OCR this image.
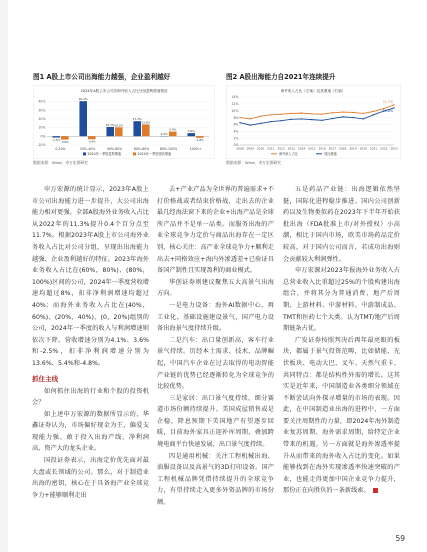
图1 A股上市公司出海能力越强，企业盈利越好
2024年A股上市公司各海外收入占比分组盈利增速情况
-10%
0%
10%
20%
30%
40%
-1.5%
-3.8%
0-20%
40.2%
-3.4%
20%-40%
10.7% 10.3%
40%-60%
17.3%
13.6%
60%-80%
0.2%
5.4%
80%-100%
3.6%
-1.8%
100%+
2024年一季度盈利增速	2024年一季度营收增速
数据来源：Wind，申万宏源研究
图2 A股出海能力自2021年连续提升
海外收入占比（左轴）及其增速（右轴）
0%
2%
4%
6%
8%
10%
12%
14%
2008 2009 2010 2011 2012 2013 2014 2015 2016 2017 2018 2019 2020 2021 2022 2023
11.7%
海外收入占比
10.8%
同比增速
数据来源：Wind，申万宏源研究

申万宏源的统计显示，2023年A股上市公司出海能力进一步提升，大公司出海能力相对更强。全部A股海外业务收入占比从2022年的11.3%提升0.4个百分点至11.7%。根据2023年A股上市公司海外业务收入占比对公司分组，呈现出出海能力越强、企业盈利越好的特征。2023年海外业务收入占比在(60%，80%)、(80%，100%)区间的公司，2024年一季度营收增速均超过8%，扣非净利润增速均超过40%；而海外业务收入占比在(40%，60%)、(20%，40%)、(0，20%)组别的公司，2024年一季度的收入与利润增速则依次下降。营收增速分别为4.1%、3.6%和-2.5%，扣非净利润增速分别为13.6%、5.4%和-4.8%。

抓住主线

如何抓住出海的行业和个股的投资机会？

如上述申万宏源的数据所显示的，华鑫证券认为，市场偏好现金为王，偏爱支现能力强、敢于投入出海产线、净利润高、资产大的龙头企业。

国投证券表示，出海定价优先面对最大盘或长领域的公司。那么，对于制造业出海的密钥，核心在于具备海产业全球竞争力+能够顺利走出

去+产业产品为全世界的普遍需求+不打价格战或者结束价格战，走出去的企业最几经海法窗下来的企业+出海产品是全球所产品并不是单一品类。而服务出海的产业全球竞争力定价与商品出海存在一定区别，核心关注：高产业全球竞争力+顺利走出去+同格效应+海内外渗透差+已验证具备国产制性且实现盈利的商业模式。

华创证券则建议聚焦五大高景气出海方向。

一是电力设备：海外AI数据中心、再工业化、基础设施建设景气，国产电力设备出海景气度持续升级。

二是汽车：出口量创新高，客车行业景气持续。历经本土需求、技术、品牌崛起，中国汽车企业在过去取得的电动智能产业链的优势已经逐渐转化为全球竞争的比较优势。

三是家居：出口景气度持续，细分赛道市场份额持续提升。美国成屋销售或是企稳，降息预期下美国地产有望逐步回暖，目前海外家具正迎补库周期，叠加跨境电商平台快速发展，出口景气度持续。

四是通用机械：关注工程机械出海、油服设备以及高景气的3D打印设备。国产工程机械品牌凭借持续提升的全球竞争力，有望持续走入更多外资品牌的市场份额。

五是药品产业链：出海逻辑依然坚挺，国际化进程稳步推进。国内公司创新药以及生物类似药在2023年下半年开始获批出海（FDA批准上市/对外授权）小高潮，相比于国内市场，欧美市场药品定价较高，对于国内公司而言，若成功出海则会贡献较大利润弹性。

申万宏源对2023年报海外业务收入占总营业收入比重超过25%的个股构建出海组合，并将其分为普通消费、地产后周期、上游材料、中游材料、中游制成品、TMT和医药七个大类。认为TMT/地产后周期链条占优。

广发证券按照判决后再年最亮眼的板块，都属于景气投资范畴，比如储能、光伏板块、电动大巴、叉车、天然气重卡、共同特点：都是结构性外需的增长。这其实是近年来，中国制造业各类细分领域在不断尝试向外探寻增量的市场的表现。因此，在中国制造业出海的进程中，一方面要关注周期性的力量，即2024年海外制造业复苏周期、海外需求周期，给特定企业带来的机遇。另一方面就是海外渗透率提升从而带来的海外收入占比的变化。如果能够找到在海外实现渗透率快速突破的产业，也能走得更加中国企业竞争力提升，那份正在向胜负的一条新线索。

59
